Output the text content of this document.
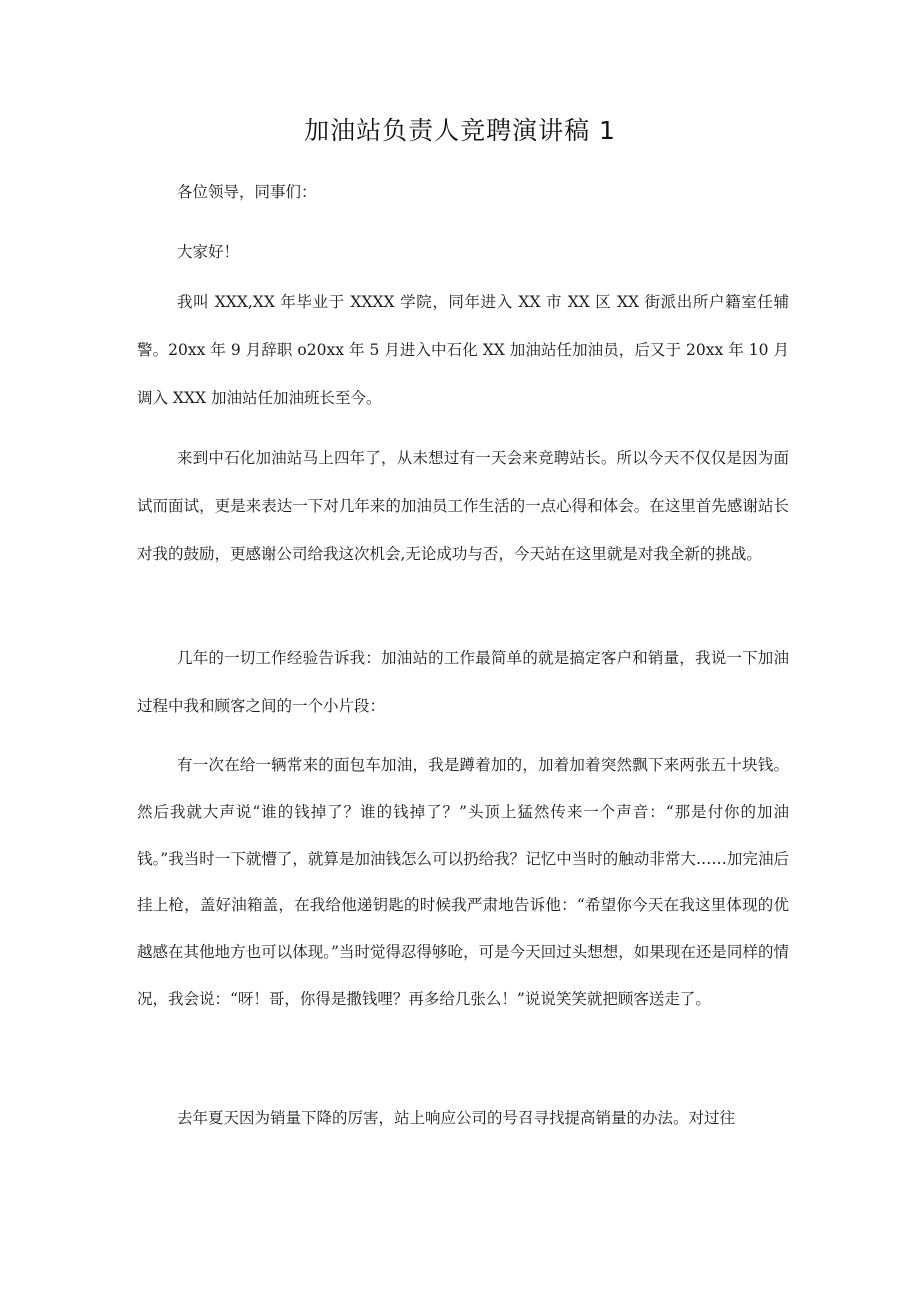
加油站负责人竞聘演讲稿 1

各位领导，同事们：

大家好！

我叫 XXX,XX 年毕业于 XXXX 学院，同年进入 XX 市 XX 区 XX 街派出所户籍室任辅警。20xx 年 9 月辞职 o20xx 年 5 月进入中石化 XX 加油站任加油员，后又于 20xx 年 10 月调入 XXX 加油站任加油班长至今。

来到中石化加油站马上四年了，从未想过有一天会来竞聘站长。所以今天不仅仅是因为面试而面试，更是来表达一下对几年来的加油员工作生活的一点心得和体会。在这里首先感谢站长对我的鼓励，更感谢公司给我这次机会,无论成功与否，今天站在这里就是对我全新的挑战。

几年的一切工作经验告诉我：加油站的工作最简单的就是搞定客户和销量，我说一下加油过程中我和顾客之间的一个小片段：

有一次在给一辆常来的面包车加油，我是蹲着加的，加着加着突然飘下来两张五十块钱。然后我就大声说“谁的钱掉了？谁的钱掉了？”头顶上猛然传来一个声音：“那是付你的加油钱。”我当时一下就懵了，就算是加油钱怎么可以扔给我？记忆中当时的触动非常大……加完油后挂上枪，盖好油箱盖，在我给他递钥匙的时候我严肃地告诉他：“希望你今天在我这里体现的优越感在其他地方也可以体现。”当时觉得忍得够呛，可是今天回过头想想，如果现在还是同样的情况，我会说：“呀！哥，你得是撒钱哩？再多给几张么！”说说笑笑就把顾客送走了。

去年夏天因为销量下降的厉害，站上响应公司的号召寻找提高销量的办法。对过往
